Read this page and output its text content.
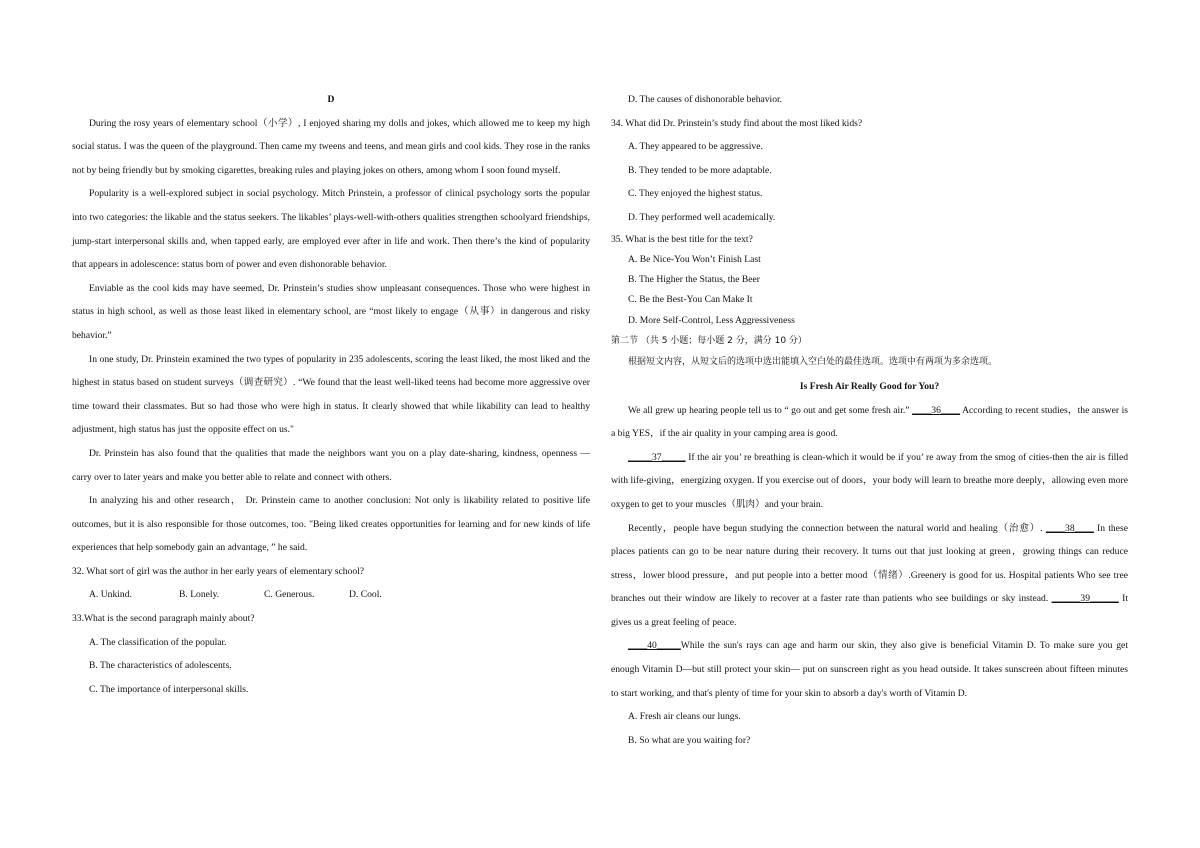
D

During the rosy years of elementary school（小学）, I enjoyed sharing my dolls and jokes, which allowed me to keep my high social status. I was the queen of the playground. Then came my tweens and teens, and mean girls and cool kids. They rose in the ranks not by being friendly but by smoking cigarettes, breaking rules and playing jokes on others, among whom I soon found myself.

Popularity is a well-explored subject in social psychology. Mitch Prinstein, a professor of clinical psychology sorts the popular into two categories: the likable and the status seekers. The likables’ plays-well-with-others qualities strengthen schoolyard friendships, jump-start interpersonal skills and, when tapped early, are employed ever after in life and work. Then there’s the kind of popularity that appears in adolescence: status born of power and even dishonorable behavior.

Enviable as the cool kids may have seemed, Dr. Prinstein’s studies show unpleasant consequences. Those who were highest in status in high school, as well as those least liked in elementary school, are “most likely to engage（从事）in dangerous and risky behavior.”

In one study, Dr. Prinstein examined the two types of popularity in 235 adolescents, scoring the least liked, the most liked and the highest in status based on student surveys（调查研究）. “We found that the least well-liked teens had become more aggressive over time toward their classmates. But so had those who were high in status. It clearly showed that while likability can lead to healthy adjustment, high status has just the opposite effect on us."

Dr. Prinstein has also found that the qualities that made the neighbors want you on a play date-sharing, kindness, openness — carry over to later years and make you better able to relate and connect with others.

In analyzing his and other research， Dr. Prinstein came to another conclusion: Not only is likability related to positive life outcomes, but it is also responsible for those outcomes, too. "Being liked creates opportunities for learning and for new kinds of life experiences that help somebody gain an advantage, ” he said.

32. What sort of girl was the author in her early years of elementary school?

A. Unkind.	B. Lonely.	C. Generous.	D. Cool.

33.What is the second paragraph mainly about?

A. The classification of the popular.

B. The characteristics of adolescents.

C. The importance of interpersonal skills.

D. The causes of dishonorable behavior.

34. What did Dr. Prinstein’s study find about the most liked kids?

A. They appeared to be aggressive.

B. They tended to be more adaptable.

C. They enjoyed the highest status.

D. They performed well academically.

35. What is the best title for the text?

A. Be Nice-You Won’t Finish Last

B. The Higher the Status, the Beer

C. Be the Best-You Can Make It

D. More Self-Control, Less Aggressiveness

第二节 （共 5 小题；每小题 2 分，满分 10 分）

根据短文内容，从短文后的选项中选出能填入空白处的最佳选项。选项中有两项为多余选项。

Is Fresh Air Really Good for You?

We all grew up hearing people tell us to “ go out and get some fresh air.” ____36____ According to recent studies，the answer is a big YES，if the air quality in your camping area is good.

_____37_____ If the air you’ re breathing is clean-which it would be if you’ re away from the smog of cities-then the air is filled with life-giving，energizing oxygen. If you exercise out of doors，your body will learn to breathe more deeply，allowing even more oxygen to get to your muscles（肌肉）and your brain.

Recently，people have begun studying the connection between the natural world and healing（治愈）. ____38____ In these places patients can go to be near nature during their recovery. It turns out that just looking at green，growing things can reduce stress，lower blood pressure，and put people into a better mood（情绪）.Greenery is good for us. Hospital patients Who see tree branches out their window are likely to recover at a faster rate than patients who see buildings or sky instead. ______39______ It gives us a great feeling of peace.

____40_____While the sun's rays can age and harm our skin, they also give is beneficial Vitamin D. To make sure you get enough Vitamin D—but still protect your skin— put on sunscreen right as you head outside. It takes sunscreen about fifteen minutes to start working, and that's plenty of time for your skin to absorb a day's worth of Vitamin D.

A. Fresh air cleans our lungs.

B. So what are you waiting for?
